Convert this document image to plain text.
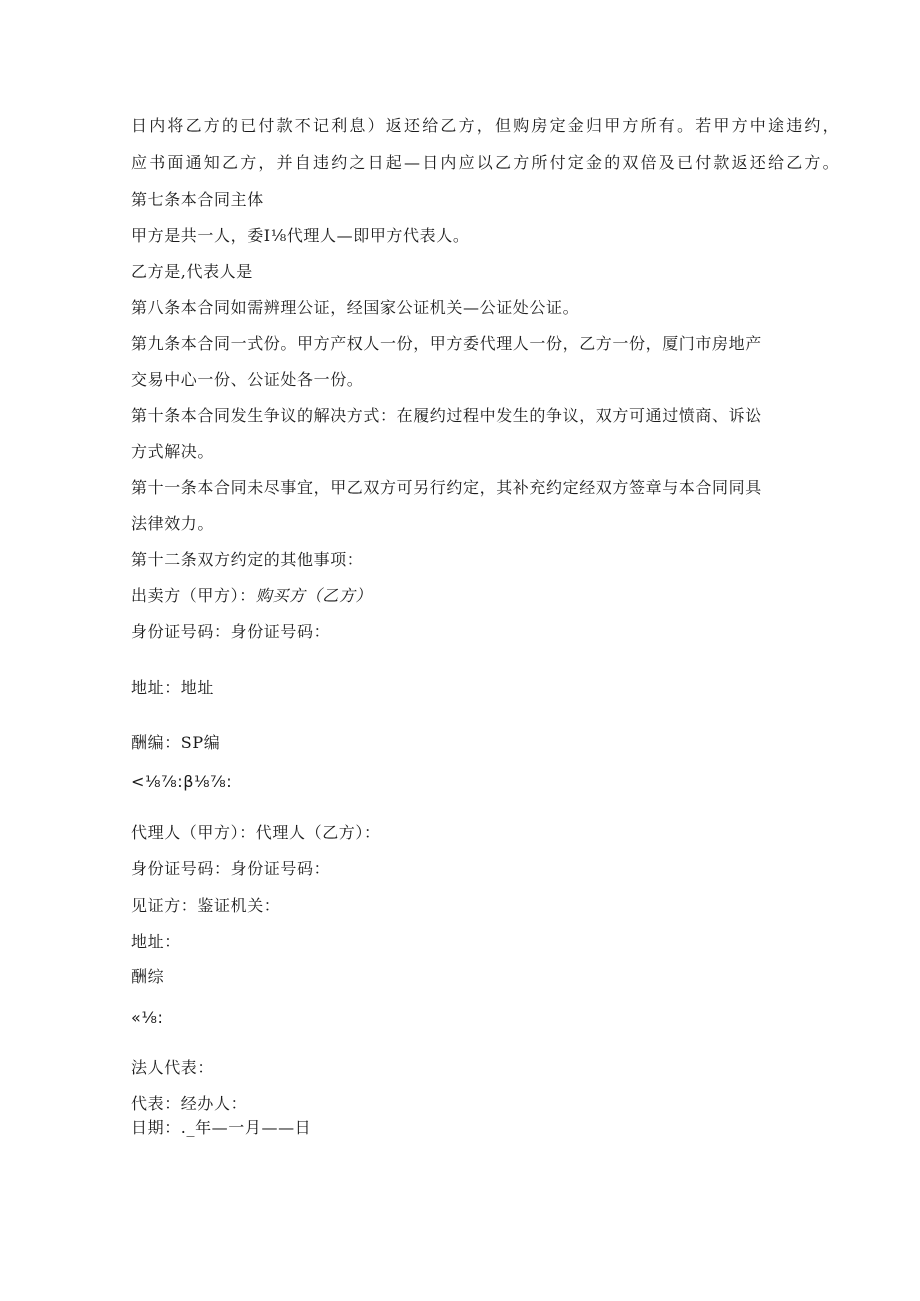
日内将乙方的已付款不记利息）返还给乙方，但购房定金归甲方所有。若甲方中途违约，
应书面通知乙方，并自违约之日起—日内应以乙方所付定金的双倍及已付款返还给乙方。
第七条本合同主体
甲方是共一人，委I⅛代理人—即甲方代表人。
乙方是,代表人是
第八条本合同如需辨理公证，经国家公证机关—公证处公证。
第九条本合同一式份。甲方产权人一份，甲方委代理人一份，乙方一份，厦门市房地产
交易中心一份、公证处各一份。
第十条本合同发生争议的解决方式：在履约过程中发生的争议，双方可通过愤商、诉讼
方式解决。
第十一条本合同未尽事宜，甲乙双方可另行约定，其补充约定经双方签章与本合同同具
法律效力。
第十二条双方约定的其他事项：
出卖方（甲方）：购买方（乙方）
身份证号码：身份证号码：
地址：地址
酬编：SP编
<⅛⅞:β⅛⅞:
代理人（甲方）：代理人（乙方）：
身份证号码：身份证号码：
见证方：鉴证机关：
地址：
酬综
«⅛:
法人代表：
代表：经办人：
日期：._年—一月——日
